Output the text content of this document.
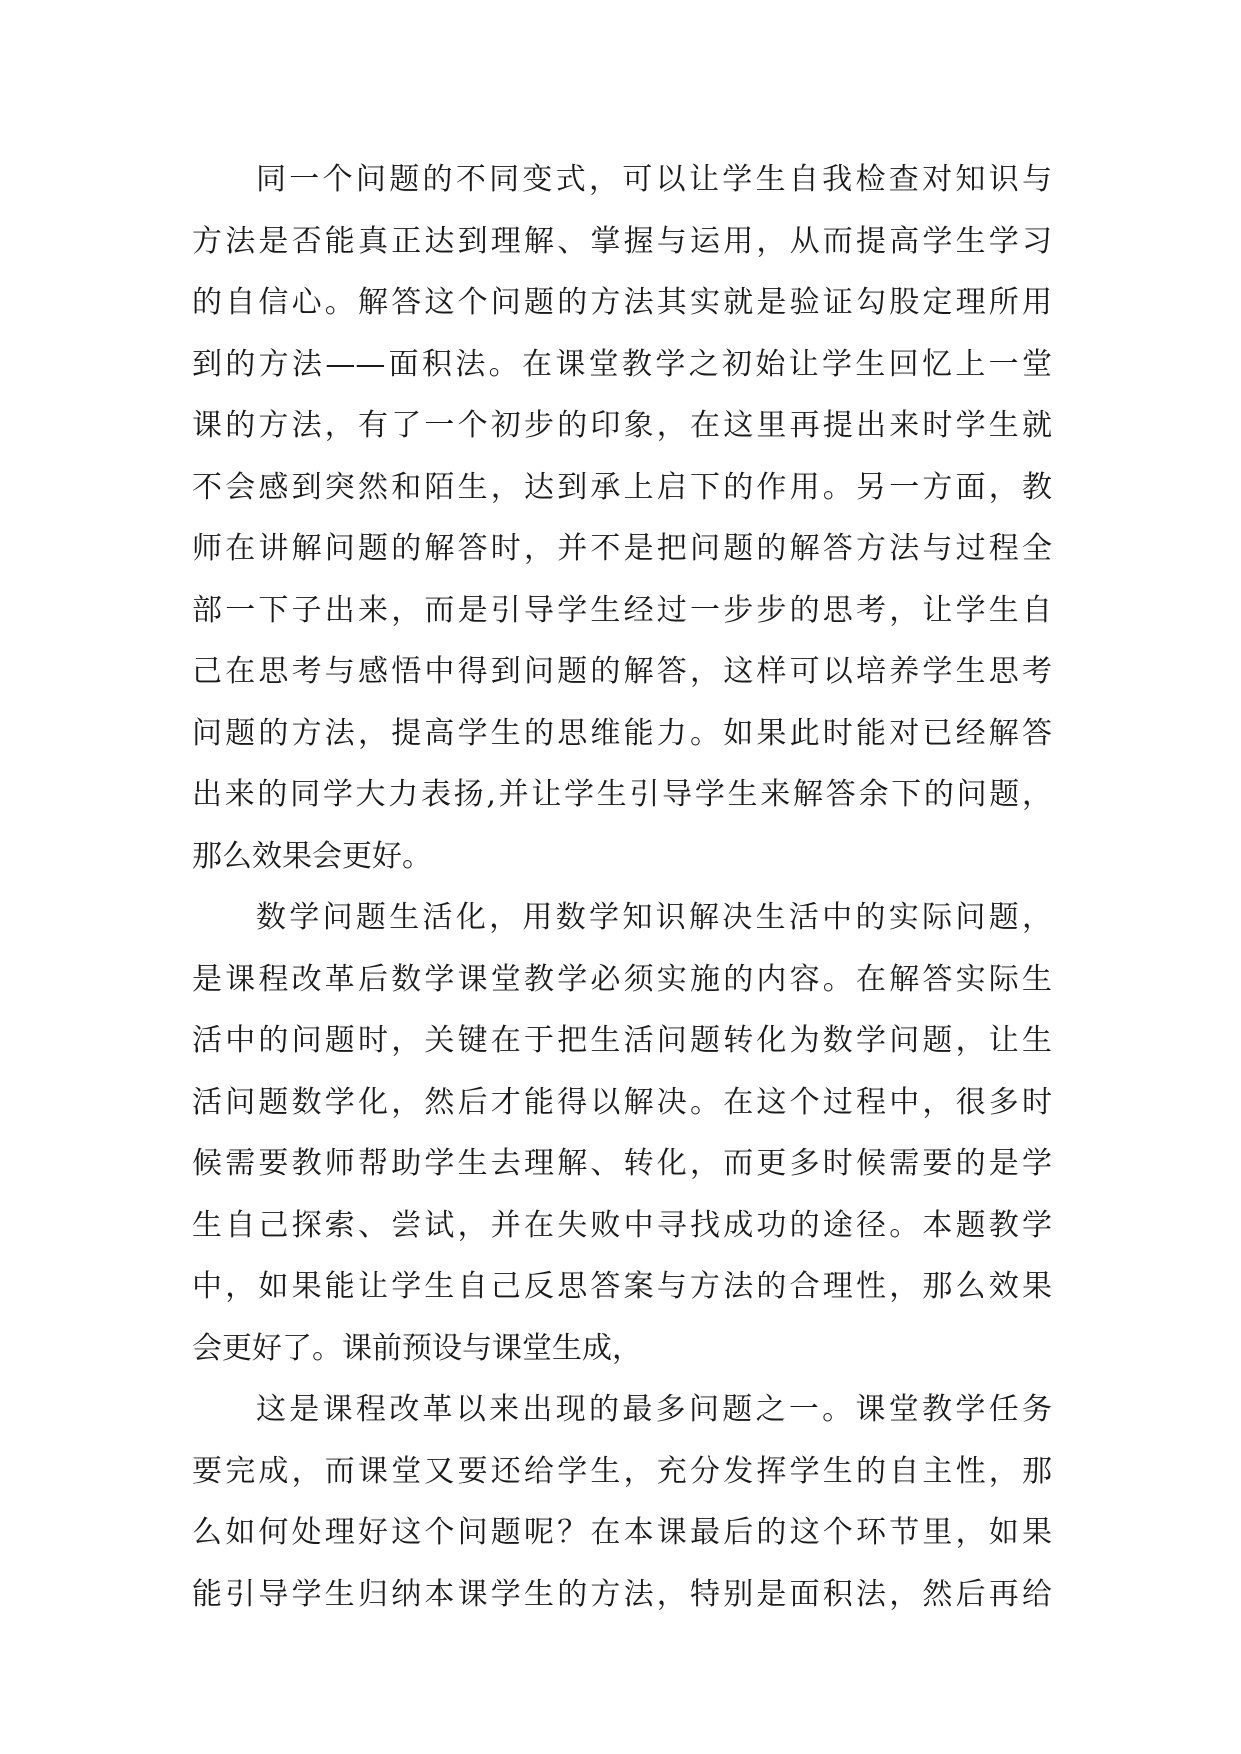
同一个问题的不同变式，可以让学生自我检查对知识与
方法是否能真正达到理解、掌握与运用，从而提高学生学习
的自信心。解答这个问题的方法其实就是验证勾股定理所用
到的方法——面积法。在课堂教学之初始让学生回忆上一堂
课的方法，有了一个初步的印象，在这里再提出来时学生就
不会感到突然和陌生，达到承上启下的作用。另一方面，教
师在讲解问题的解答时，并不是把问题的解答方法与过程全
部一下子出来，而是引导学生经过一步步的思考，让学生自
己在思考与感悟中得到问题的解答，这样可以培养学生思考
问题的方法，提高学生的思维能力。如果此时能对已经解答
出来的同学大力表扬,并让学生引导学生来解答余下的问题，
那么效果会更好。
数学问题生活化，用数学知识解决生活中的实际问题，
是课程改革后数学课堂教学必须实施的内容。在解答实际生
活中的问题时，关键在于把生活问题转化为数学问题，让生
活问题数学化，然后才能得以解决。在这个过程中，很多时
候需要教师帮助学生去理解、转化，而更多时候需要的是学
生自己探索、尝试，并在失败中寻找成功的途径。本题教学
中，如果能让学生自己反思答案与方法的合理性，那么效果
会更好了。课前预设与课堂生成，
这是课程改革以来出现的最多问题之一。课堂教学任务
要完成，而课堂又要还给学生，充分发挥学生的自主性，那
么如何处理好这个问题呢？在本课最后的这个环节里，如果
能引导学生归纳本课学生的方法，特别是面积法，然后再给
